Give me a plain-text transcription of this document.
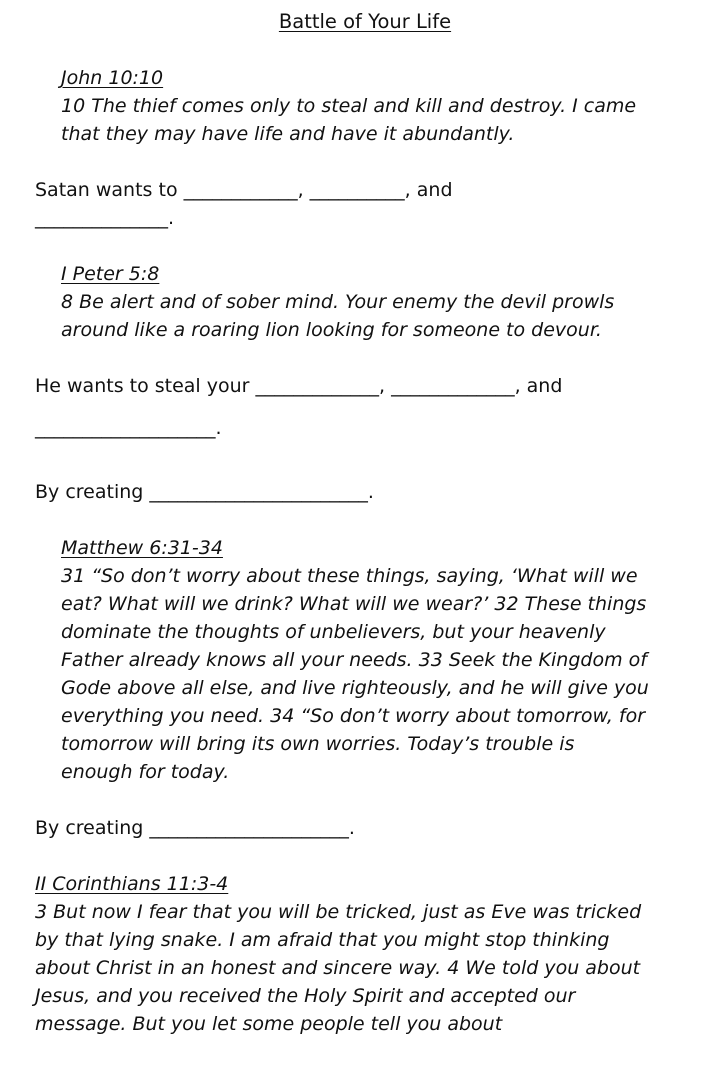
Battle of Your Life
John 10:10
10 The thief comes only to steal and kill and destroy. I came
that they may have life and have it abundantly.
Satan wants to ____________, __________, and
______________.
I Peter 5:8
8 Be alert and of sober mind. Your enemy the devil prowls
around like a roaring lion looking for someone to devour.
He wants to steal your _____________, _____________, and
___________________.
By creating _______________________.
Matthew 6:31-34
31 “So don’t worry about these things, saying, ‘What will we
eat? What will we drink? What will we wear?’ 32 These things
dominate the thoughts of unbelievers, but your heavenly
Father already knows all your needs. 33 Seek the Kingdom of
Gode above all else, and live righteously, and he will give you
everything you need. 34 “So don’t worry about tomorrow, for
tomorrow will bring its own worries. Today’s trouble is
enough for today.
By creating _____________________.
II Corinthians 11:3-4
3 But now I fear that you will be tricked, just as Eve was tricked
by that lying snake. I am afraid that you might stop thinking
about Christ in an honest and sincere way. 4 We told you about
Jesus, and you received the Holy Spirit and accepted our
message. But you let some people tell you about
